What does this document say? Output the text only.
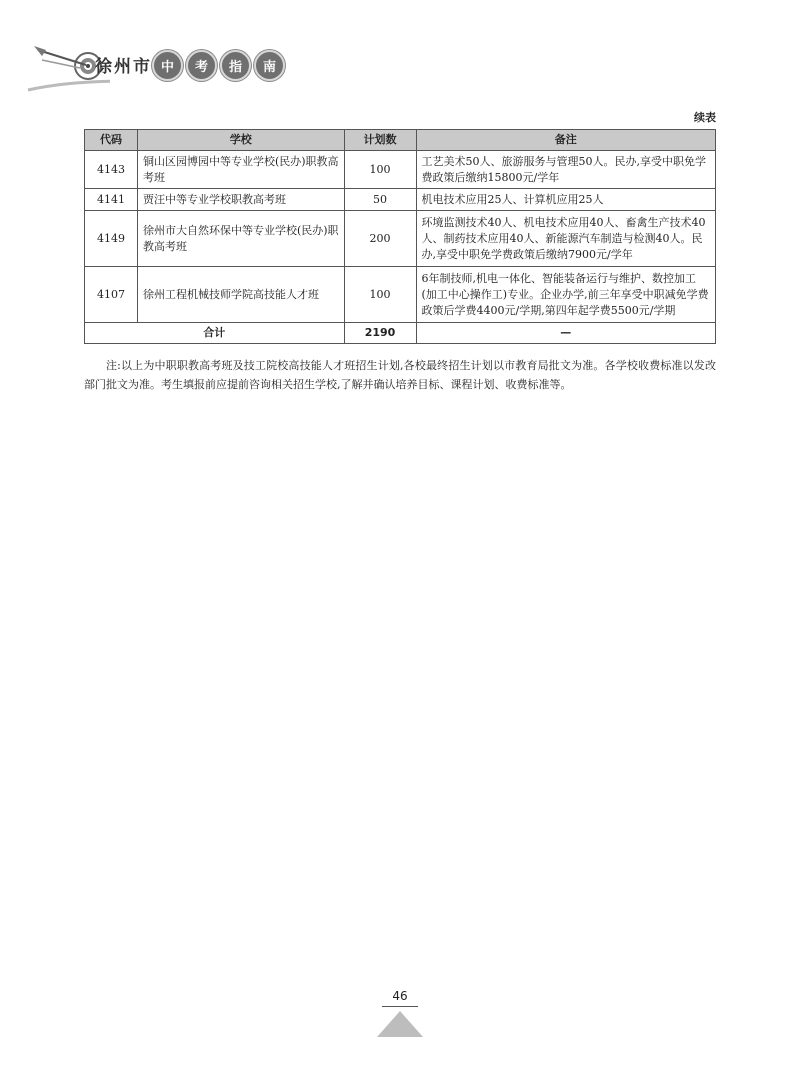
徐州市 中	考	指	南
续表
代码	学校	计划数	备注
4143	铜山区园博园中等专业学校(民办)职教高考班	100	工艺美术50人、旅游服务与管理50人。民办,享受中职免学费政策后缴纳15800元/学年
4141	贾汪中等专业学校职教高考班	50	机电技术应用25人、计算机应用25人
4149	徐州市大自然环保中等专业学校(民办)职教高考班	200	环境监测技术40人、机电技术应用40人、畜禽生产技术40人、制药技术应用40人、新能源汽车制造与检测40人。民办,享受中职免学费政策后缴纳7900元/学年
4107	徐州工程机械技师学院高技能人才班	100	6年制技师,机电一体化、智能装备运行与维护、数控加工(加工中心操作工)专业。企业办学,前三年享受中职减免学费政策后学费4400元/学期,第四年起学费5500元/学期
合计		2190	—
注:以上为中职职教高考班及技工院校高技能人才班招生计划,各校最终招生计划以市教育局批文为准。各学校收费标准以发改部门批文为准。考生填报前应提前咨询相关招生学校,了解并确认培养目标、课程计划、收费标准等。
46
